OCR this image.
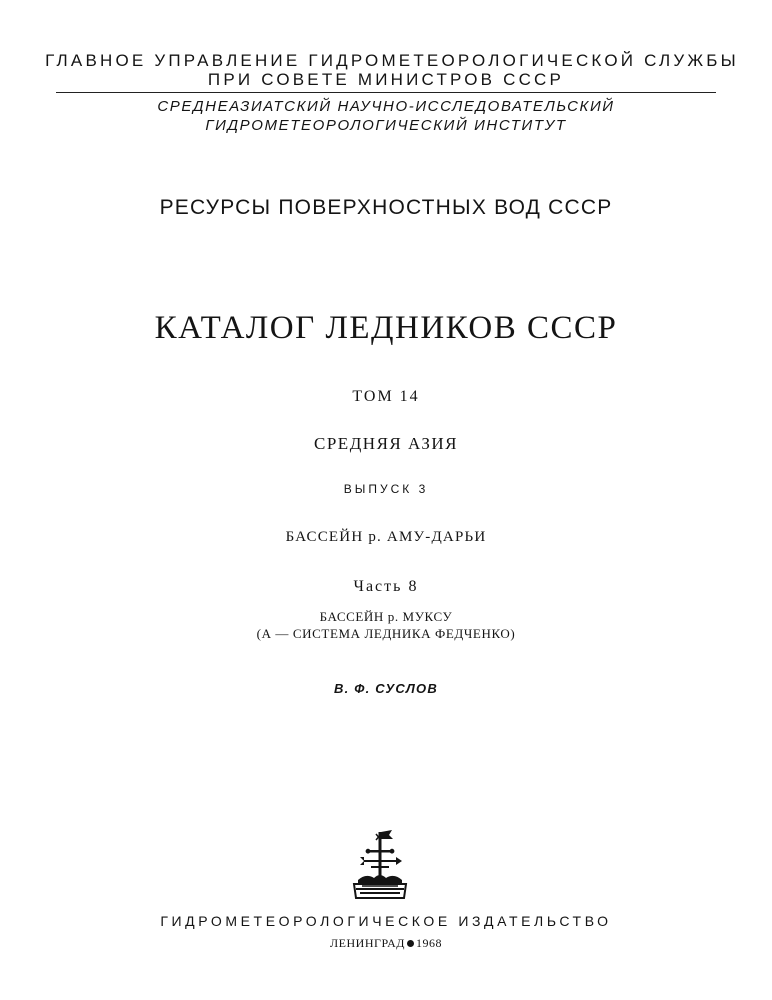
ГЛАВНОЕ УПРАВЛЕНИЕ ГИДРОМЕТЕОРОЛОГИЧЕСКОЙ СЛУЖБЫ
ПРИ СОВЕТЕ МИНИСТРОВ СССР
СРЕДНЕАЗИАТСКИЙ НАУЧНО-ИССЛЕДОВАТЕЛЬСКИЙ
ГИДРОМЕТЕОРОЛОГИЧЕСКИЙ ИНСТИТУТ
РЕСУРСЫ ПОВЕРХНОСТНЫХ ВОД СССР
КАТАЛОГ ЛЕДНИКОВ СССР
ТОМ 14
СРЕДНЯЯ АЗИЯ
ВЫПУСК 3
БАССЕЙН р. АМУ-ДАРЬИ
Часть 8
БАССЕЙН р. МУКСУ
(А — СИСТЕМА ЛЕДНИКА ФЕДЧЕНКО)
В. Ф. СУСЛОВ
ГИДРОМЕТЕОРОЛОГИЧЕСКОЕ ИЗДАТЕЛЬСТВО
ЛЕНИНГРАД 1968
